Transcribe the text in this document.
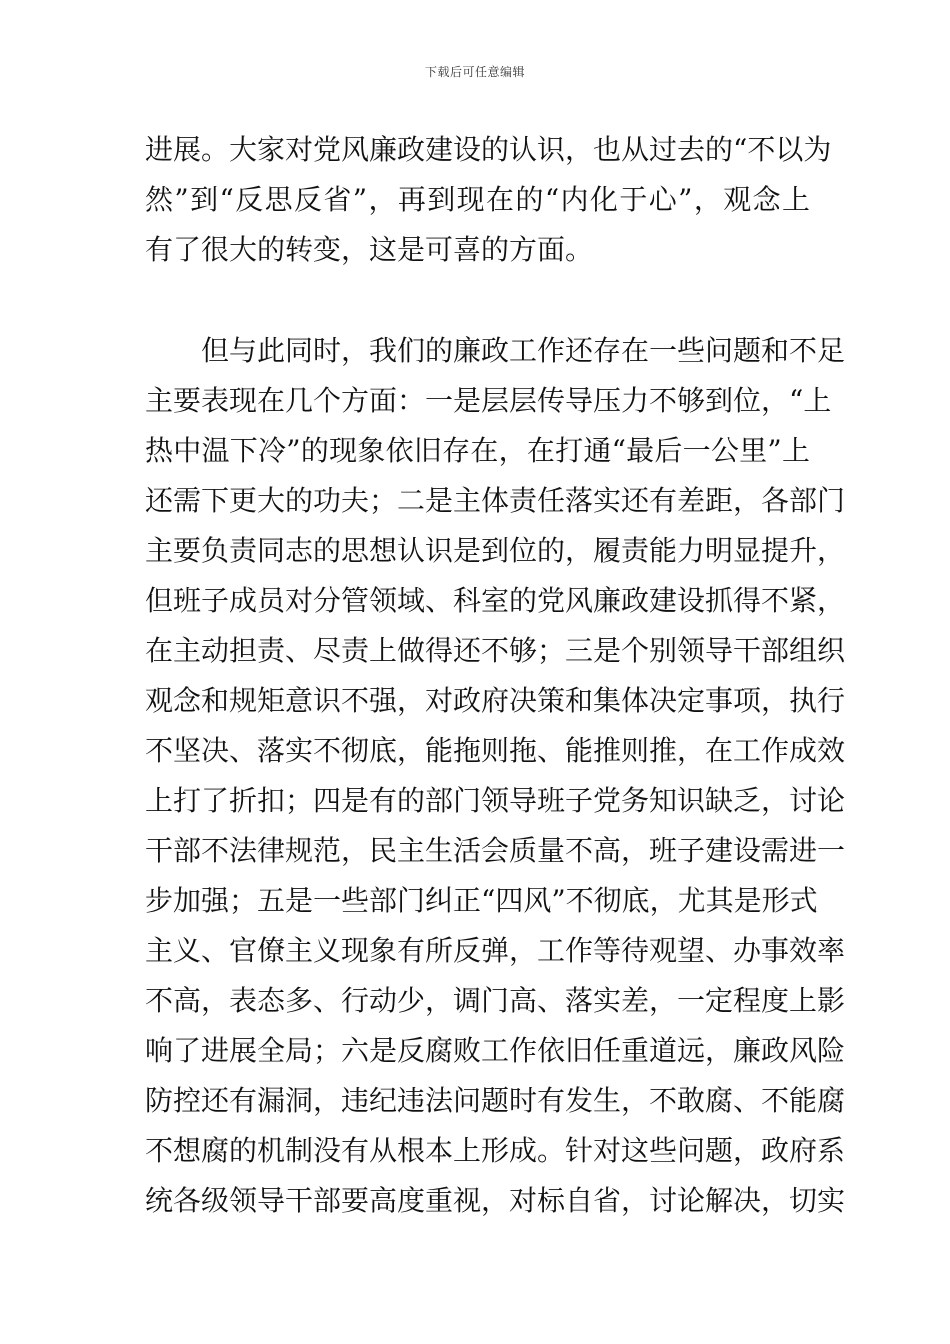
下载后可任意编辑
进展。大家对党风廉政建设的认识，也从过去的“不以为
然”到“反思反省”，再到现在的“内化于心”，观念上
有了很大的转变，这是可喜的方面。
但与此同时，我们的廉政工作还存在一些问题和不足
主要表现在几个方面：一是层层传导压力不够到位，“上
热中温下冷”的现象依旧存在，在打通“最后一公里”上
还需下更大的功夫；二是主体责任落实还有差距，各部门
主要负责同志的思想认识是到位的，履责能力明显提升，
但班子成员对分管领域、科室的党风廉政建设抓得不紧，
在主动担责、尽责上做得还不够；三是个别领导干部组织
观念和规矩意识不强，对政府决策和集体决定事项，执行
不坚决、落实不彻底，能拖则拖、能推则推，在工作成效
上打了折扣；四是有的部门领导班子党务知识缺乏，讨论
干部不法律规范，民主生活会质量不高，班子建设需进一
步加强；五是一些部门纠正“四风”不彻底，尤其是形式
主义、官僚主义现象有所反弹，工作等待观望、办事效率
不高，表态多、行动少，调门高、落实差，一定程度上影
响了进展全局；六是反腐败工作依旧任重道远，廉政风险
防控还有漏洞，违纪违法问题时有发生，不敢腐、不能腐
不想腐的机制没有从根本上形成。针对这些问题，政府系
统各级领导干部要高度重视，对标自省，讨论解决，切实
